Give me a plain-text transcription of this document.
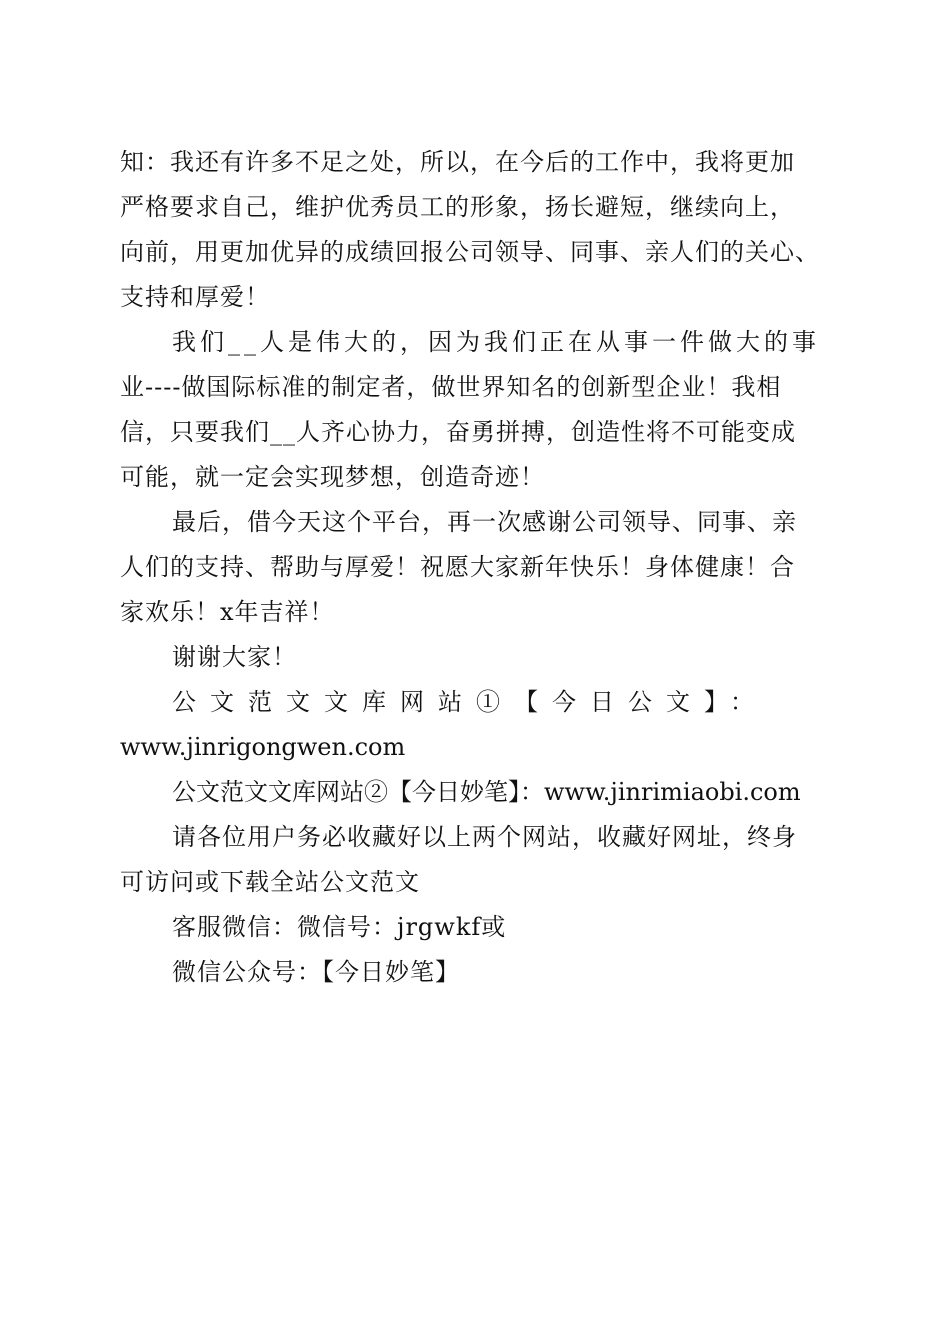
知：我还有许多不足之处，所以，在今后的工作中，我将更加
严格要求自己，维护优秀员工的形象，扬长避短，继续向上，
向前，用更加优异的成绩回报公司领导、同事、亲人们的关心、
支持和厚爱！
我们__人是伟大的，因为我们正在从事一件做大的事
业----做国际标准的制定者，做世界知名的创新型企业！我相
信，只要我们__人齐心协力，奋勇拼搏，创造性将不可能变成
可能，就一定会实现梦想，创造奇迹！
最后，借今天这个平台，再一次感谢公司领导、同事、亲
人们的支持、帮助与厚爱！祝愿大家新年快乐！身体健康！合
家欢乐！x年吉祥！
谢谢大家！
公文范文文库网站①【今日公文】：
www.jinrigongwen.com
公文范文文库网站②【今日妙笔】：www.jinrimiaobi.com
请各位用户务必收藏好以上两个网站，收藏好网址，终身
可访问或下载全站公文范文
客服微信：微信号：jrgwkf或
微信公众号：【今日妙笔】
